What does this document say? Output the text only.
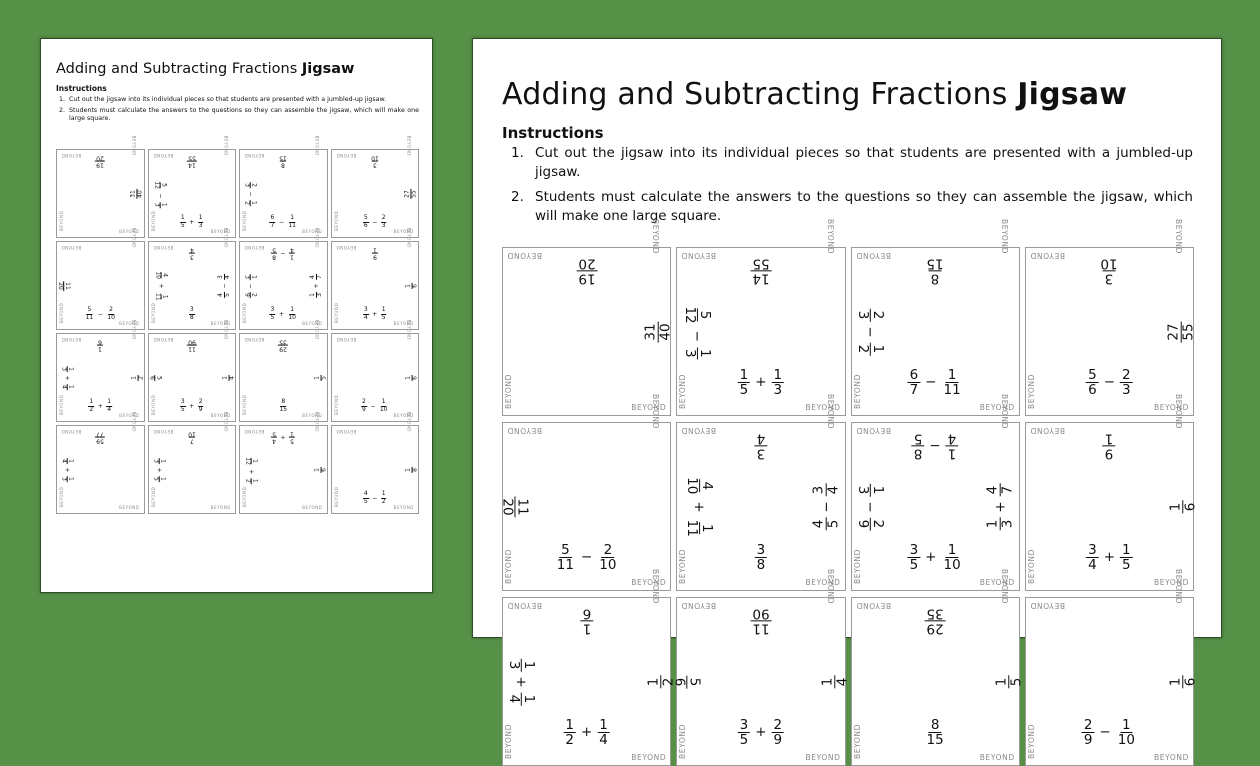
Adding and Subtracting Fractions Jigsaw
Instructions
1. Cut out the jigsaw into its individual pieces so that students are presented with a jumbled-up jigsaw.
2. Students must calculate the answers to the questions so they can assemble the jigsaw, which will make one large square.
BEYOND
BEYOND
BEYOND
BEYOND
19
20
31 40
BEYOND
BEYOND
BEYOND
BEYOND
14
55
$\frac{1}{5} + \frac{1}{3}$
5
12
−
1
3
BEYOND
BEYOND
BEYOND
BEYOND
8
15
$\frac{6}{7} - \frac{1}{11}$
2
3
−
1
2
BEYOND
BEYOND
BEYOND
BEYOND
3
10
$\frac{5}{6} - \frac{2}{3}$
27 55
BEYOND
BEYOND
BEYOND
BEYOND
$\frac{5}{11} - \frac{2}{10}$
11
20
BEYOND
BEYOND
BEYOND
BEYOND
3
4
$\frac{3}{8}$
4
10
+
1
11	4 5
−
3 4
BEYOND
BEYOND
BEYOND
BEYOND
1
4
−
8
5
$\frac{3}{5} + \frac{1}{10}$
1
3
−
2
9	1 3
+
4 7
BEYOND
BEYOND
BEYOND
BEYOND
9
1
$\frac{3}{4} + \frac{1}{5}$
1 6
BEYOND
BEYOND
BEYOND
BEYOND
1
6
$\frac{1}{2} + \frac{1}{4}$
1
3
+
1
4
1 2
BEYOND
BEYOND
BEYOND
BEYOND
11
90
$\frac{3}{5} + \frac{2}{9}$
5
6	1 4
BEYOND
BEYOND
BEYOND
BEYOND
29
35
$\frac{8}{15}$
1 5
BEYOND
BEYOND
BEYOND
BEYOND
$\frac{2}{9} - \frac{1}{10}$
1 6
BEYOND
BEYOND
BEYOND
BEYOND
59
77
1
4
+
1
3
BEYOND
BEYOND
BEYOND
BEYOND
7
10
1
3
+
1
5
BEYOND
BEYOND
BEYOND
BEYOND
5
1
+
4
5
1
12
+
1
2
1 6
BEYOND
BEYOND
BEYOND
BEYOND
$\frac{4}{5} - \frac{1}{2}$
1 8
Adding and Subtracting Fractions Jigsaw
Instructions
1. Cut out the jigsaw into its individual pieces so that students are presented with a jumbled-up jigsaw.
2. Students must calculate the answers to the questions so they can assemble the jigsaw, which will make one large square.
BEYOND
BEYOND
BEYOND
BEYOND
19
20
31 40
BEYOND
BEYOND
BEYOND
BEYOND
14
55
$\frac{1}{5} + \frac{1}{3}$
5
12
−
1
3
BEYOND
BEYOND
BEYOND
BEYOND
8
15
$\frac{6}{7} - \frac{1}{11}$
2
3
−
1
2
BEYOND
BEYOND
BEYOND
BEYOND
3
10
$\frac{5}{6} - \frac{2}{3}$
27 55
BEYOND
BEYOND
BEYOND
BEYOND
$\frac{5}{11} - \frac{2}{10}$
11
20
BEYOND
BEYOND
BEYOND
BEYOND
3
4
$\frac{3}{8}$
4
10
+
1
11	4 5
−
3 4
BEYOND
BEYOND
BEYOND
BEYOND
1
4
−
8
5
$\frac{3}{5} + \frac{1}{10}$
1
3
−
2
9	1 3
+
4 7
BEYOND
BEYOND
BEYOND
BEYOND
9
1
$\frac{3}{4} + \frac{1}{5}$
1 6
BEYOND
BEYOND
BEYOND
BEYOND
1
6
$\frac{1}{2} + \frac{1}{4}$
1
3
+
1
4
1 2
BEYOND
BEYOND
BEYOND
BEYOND
11
90
$\frac{3}{5} + \frac{2}{9}$
5
6	1 4
BEYOND
BEYOND
BEYOND
BEYOND
29
35
$\frac{8}{15}$
1 5
BEYOND
BEYOND
BEYOND
BEYOND
$\frac{2}{9} - \frac{1}{10}$
1 6
